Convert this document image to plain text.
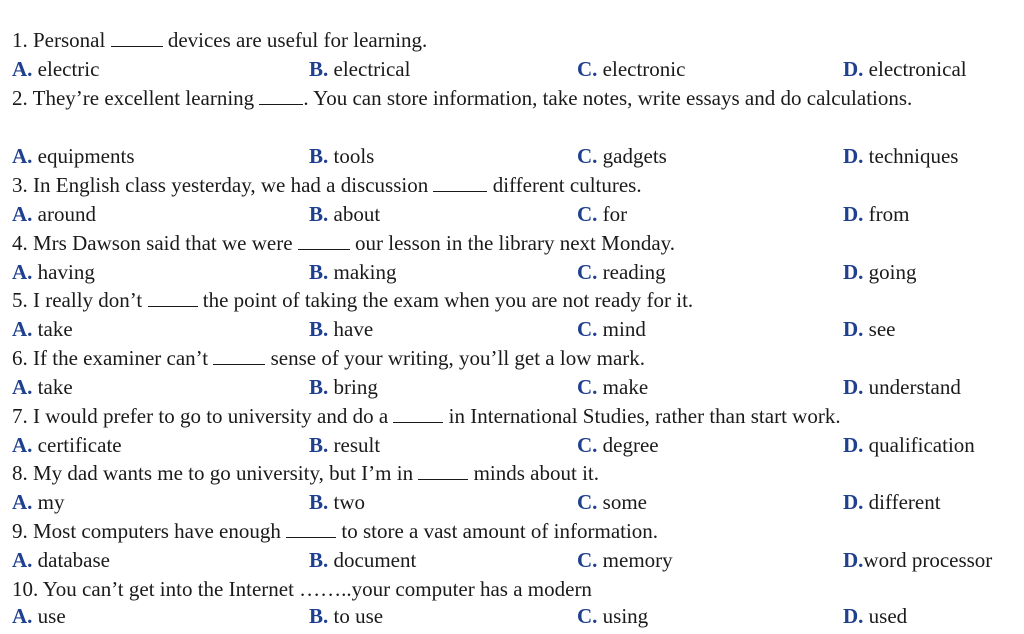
1. Personal	devices are useful for learning.
A. electric	B. electrical	C. electronic	D. electronical
2. They’re excellent learning . You can store information, take notes, write essays and do calculations.
A. equipments	B. tools	C. gadgets	D. techniques
3. In English class yesterday, we had a discussion	different cultures.
A. around	B. about	C. for	D. from
4. Mrs Dawson said that we were	our lesson in the library next Monday.
A. having	B. making	C. reading	D. going
5. I really don’t	the point of taking the exam when you are not ready for it.
A. take	B. have	C. mind	D. see
6. If the examiner can’t	sense of your writing, you’ll get a low mark.
A. take	B. bring	C. make	D. understand
7. I would prefer to go to university and do a	in International Studies, rather than start work.
A. certificate	B. result	C. degree	D. qualification
8. My dad wants me to go university, but I’m in	minds about it.
A. my	B. two	C. some	D. different
9. Most computers have enough	to store a vast amount of information.
A. database	B. document	C. memory	D.word processor
10. You can’t get into the Internet ……..your computer has a modern
A. use	B. to use	C. using	D. used
